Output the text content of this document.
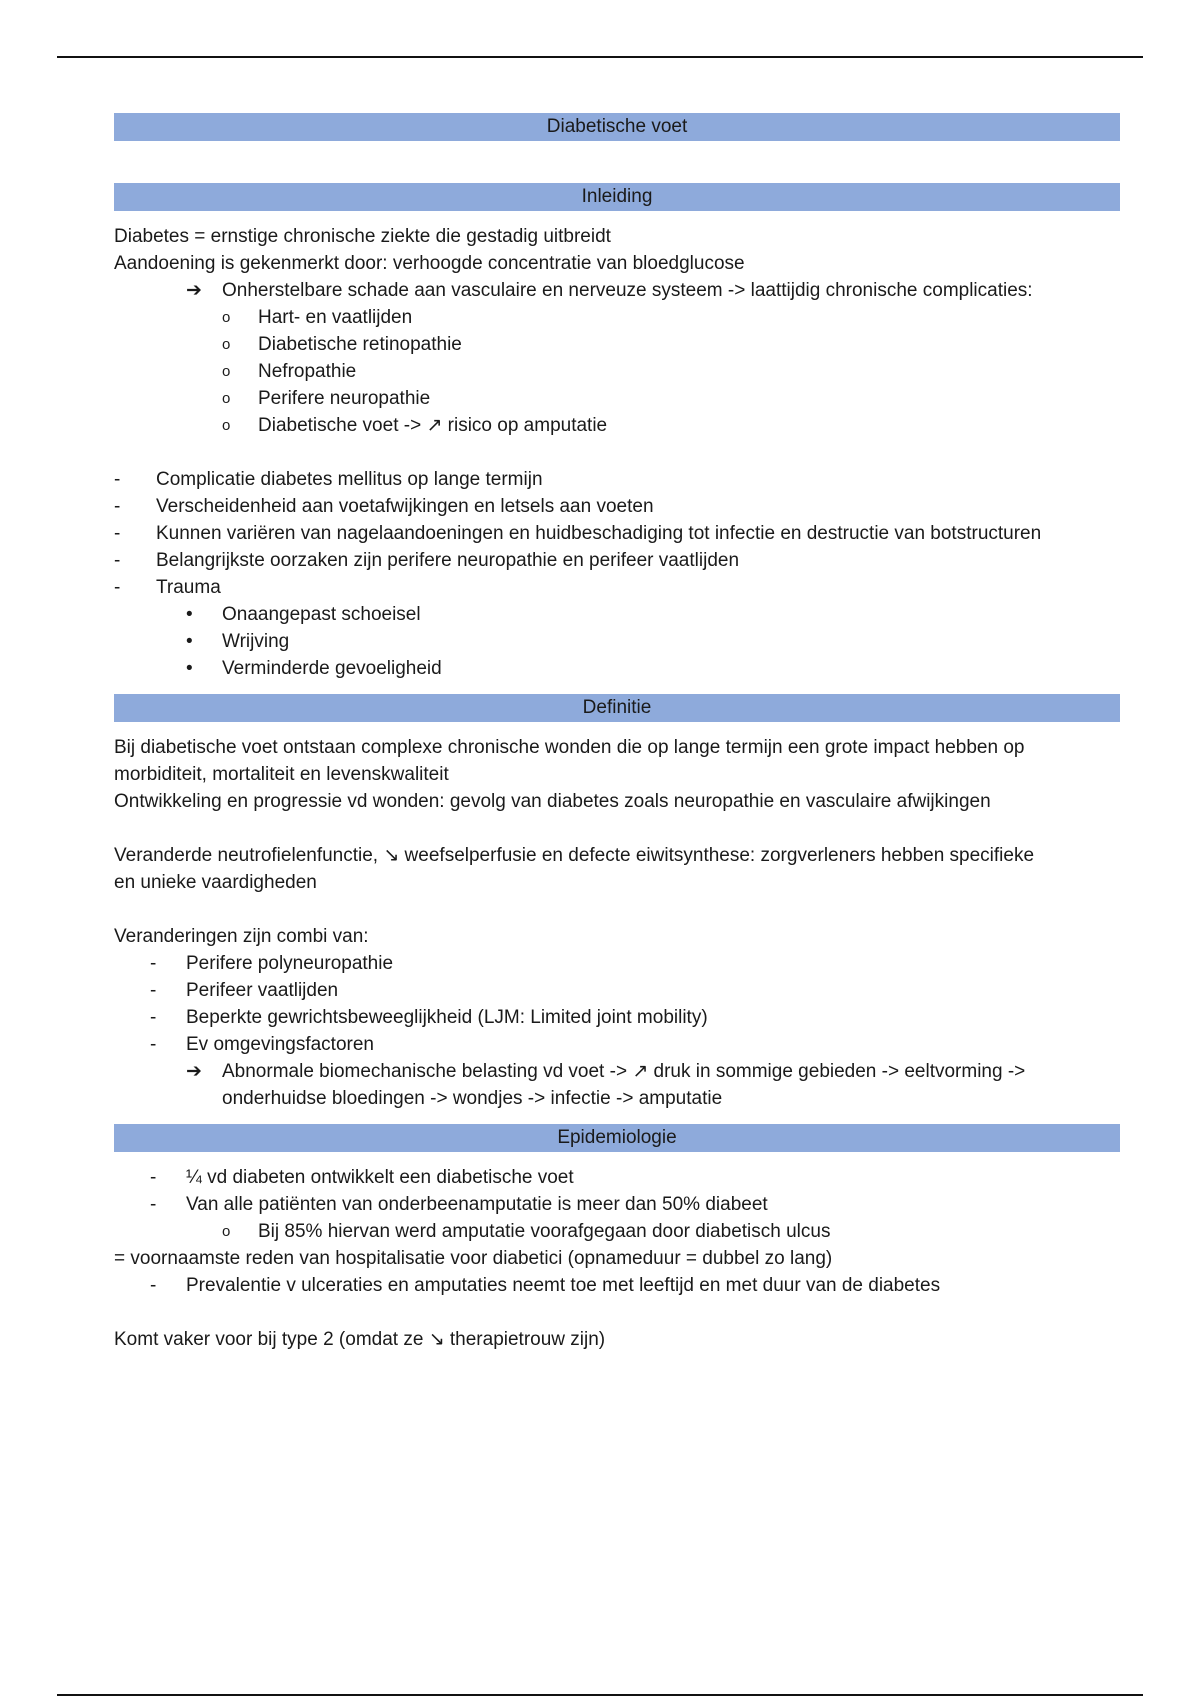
Diabetische voet
Inleiding

Diabetes = ernstige chronische ziekte die gestadig uitbreidt

Aandoening is gekenmerkt door: verhoogde concentratie van bloedglucose

➔	Onherstelbare schade aan vasculaire en nerveuze systeem -> laattijdig chronische complicaties:
o	Hart- en vaatlijden
o	Diabetische retinopathie
o	Nefropathie
o	Perifere neuropathie
o	Diabetische voet -> ↗ risico op amputatie
-	Complicatie diabetes mellitus op lange termijn
-	Verscheidenheid aan voetafwijkingen en letsels aan voeten
-	Kunnen variëren van nagelaandoeningen en huidbeschadiging tot infectie en destructie van botstructuren
-	Belangrijkste oorzaken zijn perifere neuropathie en perifeer vaatlijden
-	Trauma
•	Onaangepast schoeisel
•	Wrijving
•	Verminderde gevoeligheid
Definitie

Bij diabetische voet ontstaan complexe chronische wonden die op lange termijn een grote impact hebben op

morbiditeit, mortaliteit en levenskwaliteit

Ontwikkeling en progressie vd wonden: gevolg van diabetes zoals neuropathie en vasculaire afwijkingen

Veranderde neutrofielenfunctie, ↘ weefselperfusie en defecte eiwitsynthese: zorgverleners hebben specifieke

en unieke vaardigheden

Veranderingen zijn combi van:

-	Perifere polyneuropathie
-	Perifeer vaatlijden
-	Beperkte gewrichtsbeweeglijkheid (LJM: Limited joint mobility)
-	Ev omgevingsfactoren
➔	Abnormale biomechanische belasting vd voet -> ↗ druk in sommige gebieden -> eeltvorming ->
onderhuidse bloedingen -> wondjes -> infectie -> amputatie
Epidemiologie
-	¼ vd diabeten ontwikkelt een diabetische voet
-	Van alle patiënten van onderbeenamputatie is meer dan 50% diabeet
o	Bij 85% hiervan werd amputatie voorafgegaan door diabetisch ulcus

= voornaamste reden van hospitalisatie voor diabetici (opnameduur = dubbel zo lang)

-	Prevalentie v ulceraties en amputaties neemt toe met leeftijd en met duur van de diabetes

Komt vaker voor bij type 2 (omdat ze ↘ therapietrouw zijn)
